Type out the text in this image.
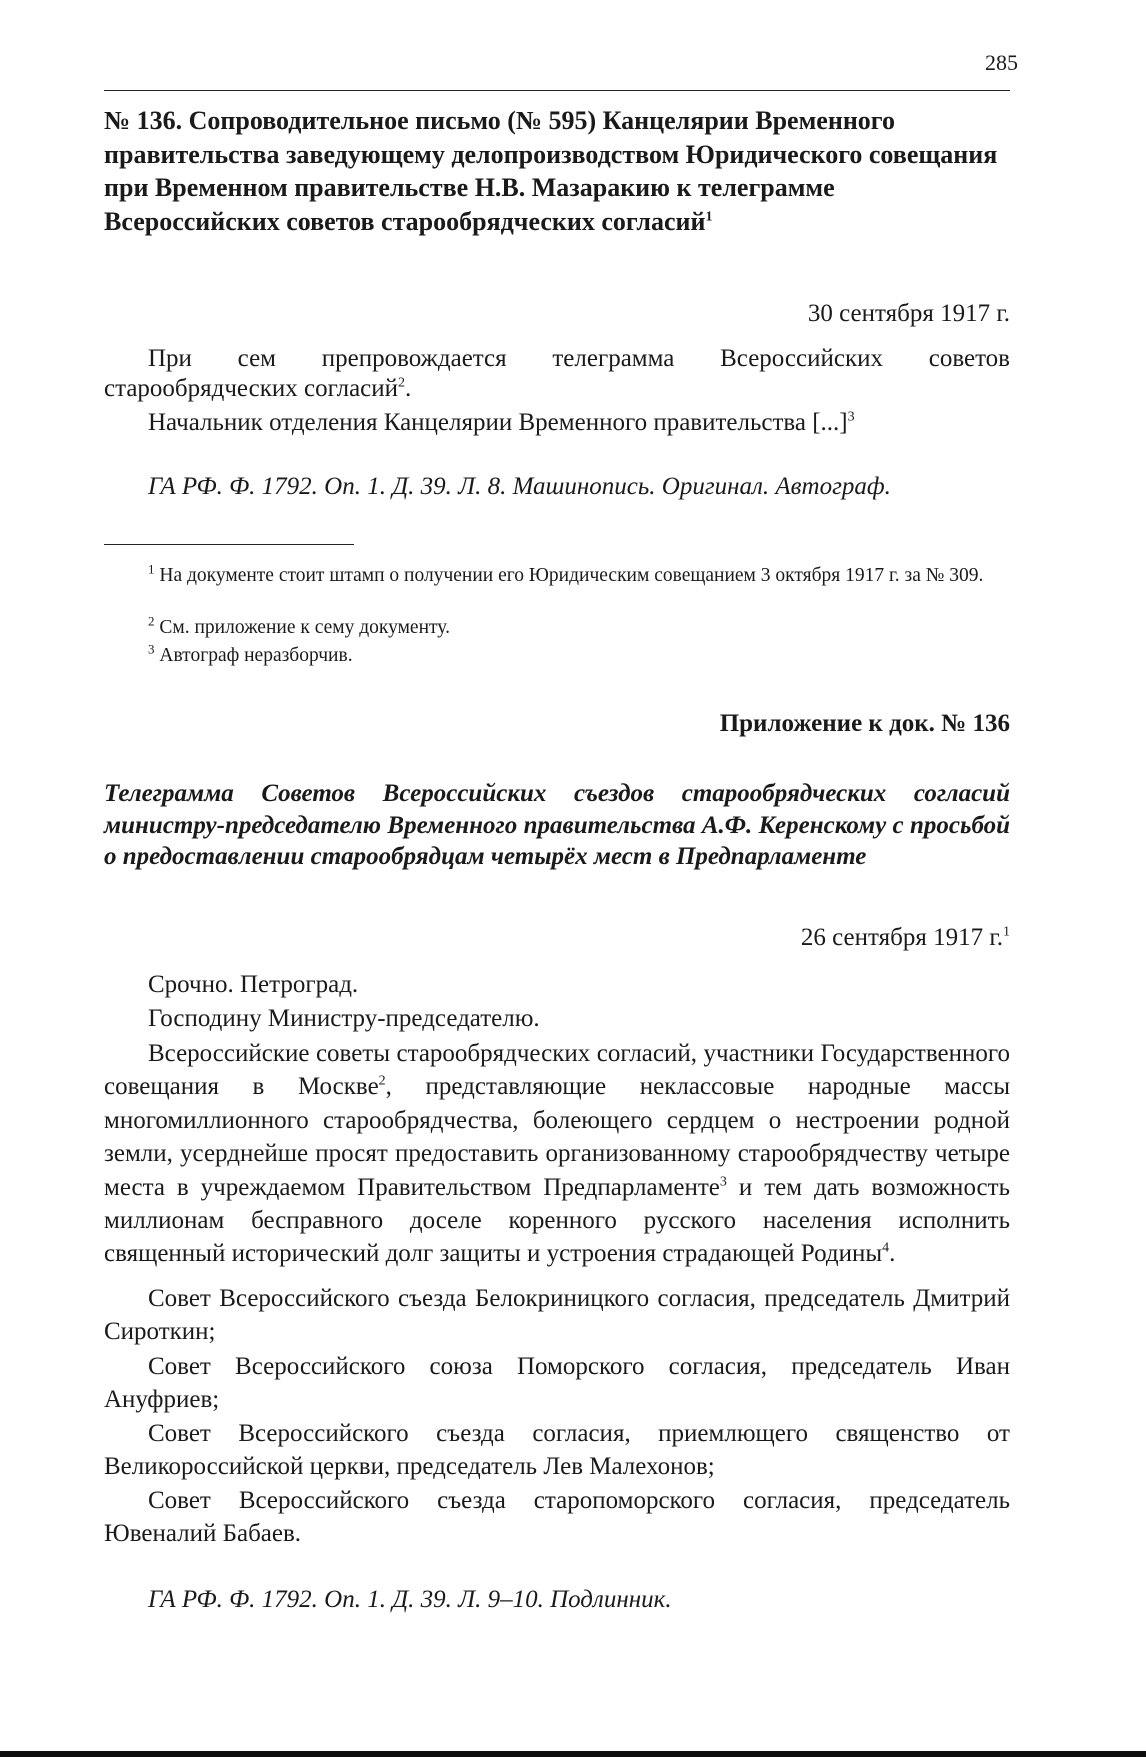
285
№ 136. Сопроводительное письмо (№ 595) Канцелярии Временного правительства заведующему делопроизводством Юридического совещания при Временном правительстве Н.В. Мазаракию к телеграмме Всероссийских советов старообрядческих согласий$^1$
30 сентября 1917 г.

При сем препровождается телеграмма Всероссийских советов старообрядческих согласий$^2$.

Начальник отделения Канцелярии Временного правительства [...]$^3$

ГА РФ. Ф. 1792. Оп. 1. Д. 39. Л. 8. Машинопись. Оригинал. Автограф.

$^1$ На документе стоит штамп о получении его Юридическим совещанием 3 октября 1917 г. за № 309.

$^2$ См. приложение к сему документу.

$^3$ Автограф неразборчив.

Приложение к док. № 136

Телеграмма Советов Всероссийских съездов старообрядческих согласий министру-председателю Временного правительства А.Ф. Керенскому с просьбой о предоставлении старообрядцам четырёх мест в Предпарламенте

26 сентября 1917 г.$^1$

Срочно. Петроград.

Господину Министру-председателю.

Всероссийские советы старообрядческих согласий, участники Государственного совещания в Москве$^2$, представляющие неклассовые народные массы многомиллионного старообрядчества, болеющего сердцем о нестроении родной земли, усерднейше просят предоставить организованному старообрядчеству четыре места в учреждаемом Правительством Предпарламенте$^3$ и тем дать возможность миллионам бесправного доселе коренного русского населения исполнить священный исторический долг защиты и устроения страдающей Родины$^4$.

Совет Всероссийского съезда Белокриницкого согласия, председатель Дмитрий Сироткин;

Совет Всероссийского союза Поморского согласия, председатель Иван Ануфриев;

Совет Всероссийского съезда согласия, приемлющего священство от Великороссийской церкви, председатель Лев Малехонов;

Совет Всероссийского съезда старопоморского согласия, председатель Ювеналий Бабаев.

ГА РФ. Ф. 1792. Оп. 1. Д. 39. Л. 9–10. Подлинник.
